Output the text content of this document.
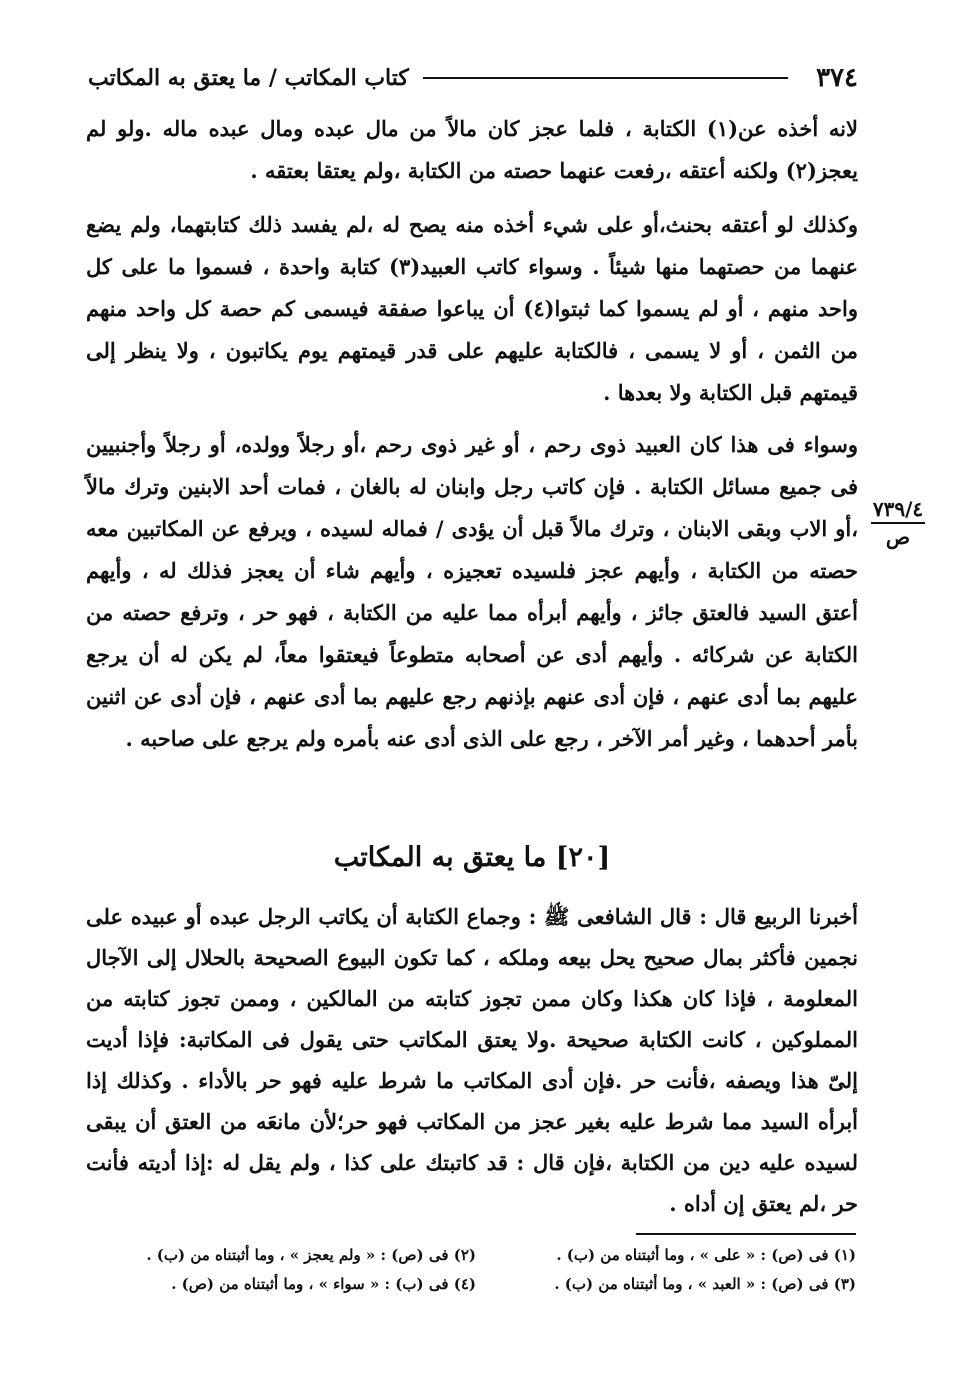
٣٧٤
كتاب المكاتب / ما يعتق به المكاتب

لانه أخذه عن(١) الكتابة ، فلما عجز كان مالاً من مال عبده ومال عبده ماله .ولو لم يعجز(٢) ولكنه أعتقه ،رفعت عنهما حصته من الكتابة ،ولم يعتقا بعتقه .

وكذلك لو أعتقه بحنث،أو على شيء أخذه منه يصح له ،لم يفسد ذلك كتابتهما، ولم يضع عنهما من حصتهما منها شيئاً . وسواء كاتب العبيد(٣) كتابة واحدة ، فسموا ما على كل واحد منهم ، أو لم يسموا كما ثبتوا(٤) أن يباعوا صفقة فيسمى كم حصة كل واحد منهم من الثمن ، أو لا يسمى ، فالكتابة عليهم على قدر قيمتهم يوم يكاتبون ، ولا ينظر إلى قيمتهم قبل الكتابة ولا بعدها .

وسواء فى هذا كان العبيد ذوى رحم ، أو غير ذوى رحم ،أو رجلاً وولده، أو رجلاً وأجنبيين فى جميع مسائل الكتابة . فإن كاتب رجل وابنان له بالغان ، فمات أحد الابنين وترك مالاً ،أو الاب وبقى الابنان ، وترك مالاً قبل أن يؤدى / فماله لسيده ، ويرفع عن المكاتبين معه حصته من الكتابة ، وأيهم عجز فلسيده تعجيزه ، وأيهم شاء أن يعجز فذلك له ، وأيهم أعتق السيد فالعتق جائز ، وأيهم أبرأه مما عليه من الكتابة ، فهو حر ، وترفع حصته من الكتابة عن شركائه . وأيهم أدى عن أصحابه متطوعاً فيعتقوا معاً، لم يكن له أن يرجع عليهم بما أدى عنهم ، فإن أدى عنهم بإذنهم رجع عليهم بما أدى عنهم ، فإن أدى عن اثنين بأمر أحدهما ، وغير أمر الآخر ، رجع على الذى أدى عنه بأمره ولم يرجع على صاحبه .

٧٣٩/٤
ص
[٢٠] ما يعتق به المكاتب

أخبرنا الربيع قال : قال الشافعى ﷺ : وجماع الكتابة أن يكاتب الرجل عبده أو عبيده على نجمين فأكثر بمال صحيح يحل بيعه وملكه ، كما تكون البيوع الصحيحة بالحلال إلى الآجال المعلومة ، فإذا كان هكذا وكان ممن تجوز كتابته من المالكين ، وممن تجوز كتابته من المملوكين ، كانت الكتابة صحيحة .ولا يعتق المكاتب حتى يقول فى المكاتبة: فإذا أديت إلىّ هذا ويصفه ،فأنت حر .فإن أدى المكاتب ما شرط عليه فهو حر بالأداء . وكذلك إذا أبرأه السيد مما شرط عليه بغير عجز من المكاتب فهو حر؛لأن مانعَه من العتق أن يبقى لسيده عليه دين من الكتابة ،فإن قال : قد كاتبتك على كذا ، ولم يقل له :إذا أديته فأنت حر ،لم يعتق إن أداه .

(١) فى (ص) : « على » ، وما أثبتناه من (ب) .
(٢) فى (ص) : « ولم يعجز » ، وما أثبتناه من (ب) .
(٣) فى (ص) : « العبد » ، وما أثبتناه من (ب) .
(٤) فى (ب) : « سواء » ، وما أثبتناه من (ص) .
